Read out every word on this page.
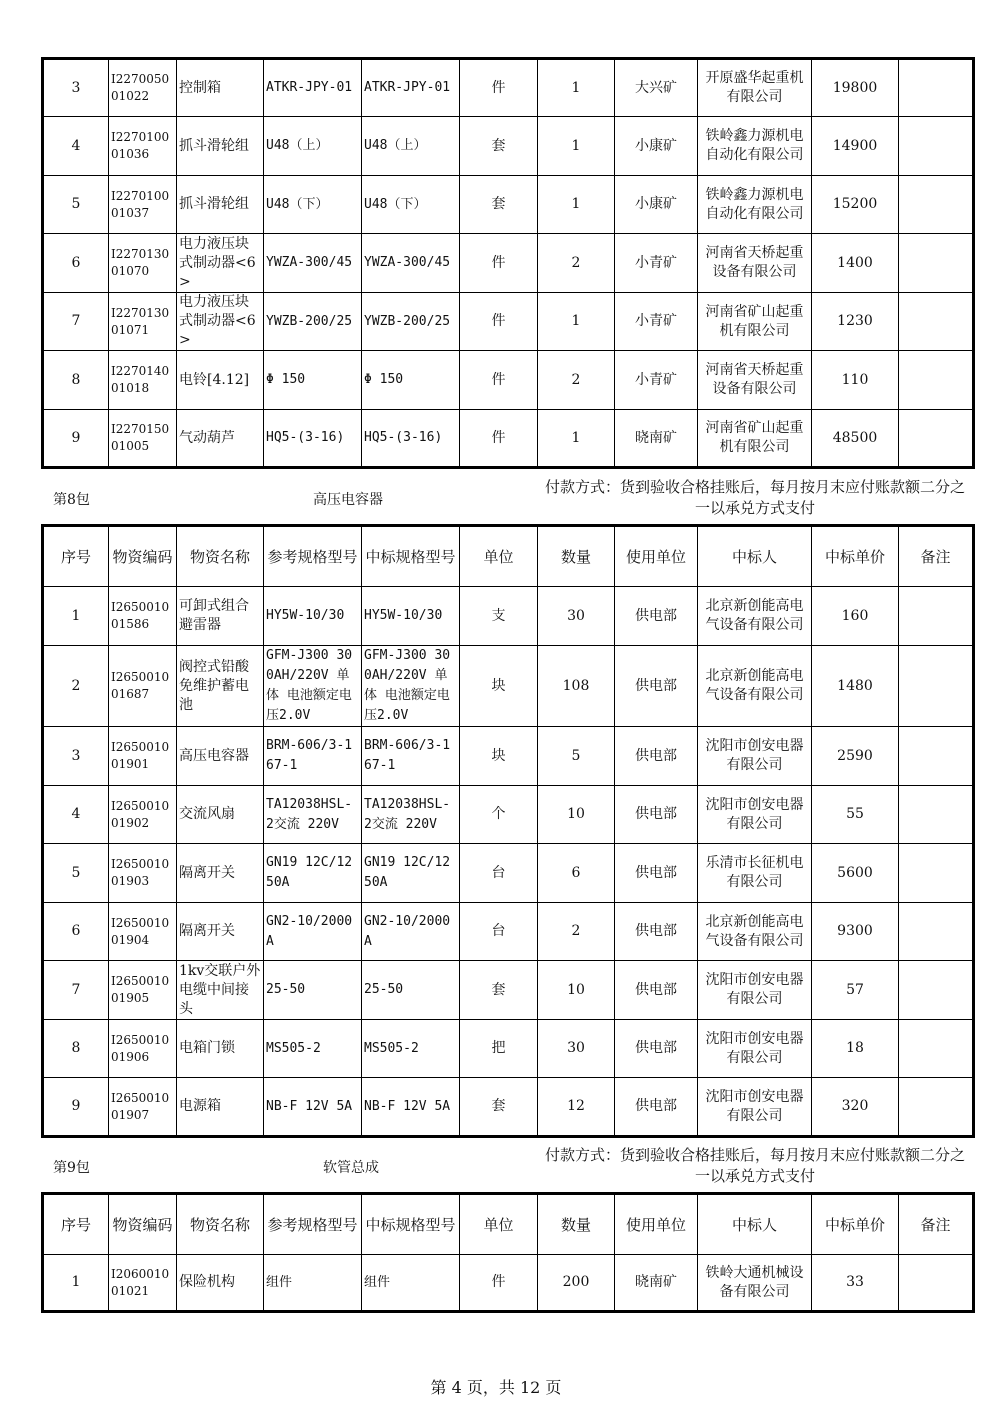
3	I227005001022	控制箱	ATKR-JPY-01	ATKR-JPY-01	件	1	大兴矿	开原盛华起重机有限公司	19800	
4	I227010001036	抓斗滑轮组	U48（上）	U48（上）	套	1	小康矿	铁岭鑫力源机电自动化有限公司	14900	
5	I227010001037	抓斗滑轮组	U48（下）	U48（下）	套	1	小康矿	铁岭鑫力源机电自动化有限公司	15200	
6	I227013001070	电力液压块式制动器<6>	YWZA-300/45	YWZA-300/45	件	2	小青矿	河南省天桥起重设备有限公司	1400	
7	I227013001071	电力液压块式制动器<6>	YWZB-200/25	YWZB-200/25	件	1	小青矿	河南省矿山起重机有限公司	1230	
8	I227014001018	电铃[4.12]	Φ 150	Φ 150	件	2	小青矿	河南省天桥起重设备有限公司	110	
9	I227015001005	气动葫芦	HQ5-(3-16)	HQ5-(3-16)	件	1	晓南矿	河南省矿山起重机有限公司	48500	
第8包	高压电容器
付款方式：货到验收合格挂账后，每月按月末应付账款额二分之一以承兑方式支付
序号	物资编码	物资名称	参考规格型号	中标规格型号	单位	数量	使用单位	中标人	中标单价	备注
1	I265001001586	可卸式组合避雷器	HY5W-10/30	HY5W-10/30	支	30	供电部	北京新创能高电气设备有限公司	160	
2	I265001001687	阀控式铅酸免维护蓄电池	GFM-J300 300AH/220V 单体 电池额定电压2.0V	GFM-J300 300AH/220V 单体 电池额定电压2.0V	块	108	供电部	北京新创能高电气设备有限公司	1480	
3	I265001001901	高压电容器	BRM-606/3-167-1	BRM-606/3-167-1	块	5	供电部	沈阳市创安电器有限公司	2590	
4	I265001001902	交流风扇	TA12038HSL-2交流 220V	TA12038HSL-2交流 220V	个	10	供电部	沈阳市创安电器有限公司	55	
5	I265001001903	隔离开关	GN19 12C/1250A	GN19 12C/1250A	台	6	供电部	乐清市长征机电有限公司	5600	
6	I265001001904	隔离开关	GN2-10/2000A	GN2-10/2000A	台	2	供电部	北京新创能高电气设备有限公司	9300	
7	I265001001905	1kv交联户外电缆中间接头	25-50	25-50	套	10	供电部	沈阳市创安电器有限公司	57	
8	I265001001906	电箱门锁	MS505-2	MS505-2	把	30	供电部	沈阳市创安电器有限公司	18	
9	I265001001907	电源箱	NB-F 12V 5A	NB-F 12V 5A	套	12	供电部	沈阳市创安电器有限公司	320	
第9包	软管总成
付款方式：货到验收合格挂账后，每月按月末应付账款额二分之一以承兑方式支付
序号	物资编码	物资名称	参考规格型号	中标规格型号	单位	数量	使用单位	中标人	中标单价	备注
1	I206001001021	保险机构	组件	组件	件	200	晓南矿	铁岭大通机械设备有限公司	33	
第 4 页，共 12 页
